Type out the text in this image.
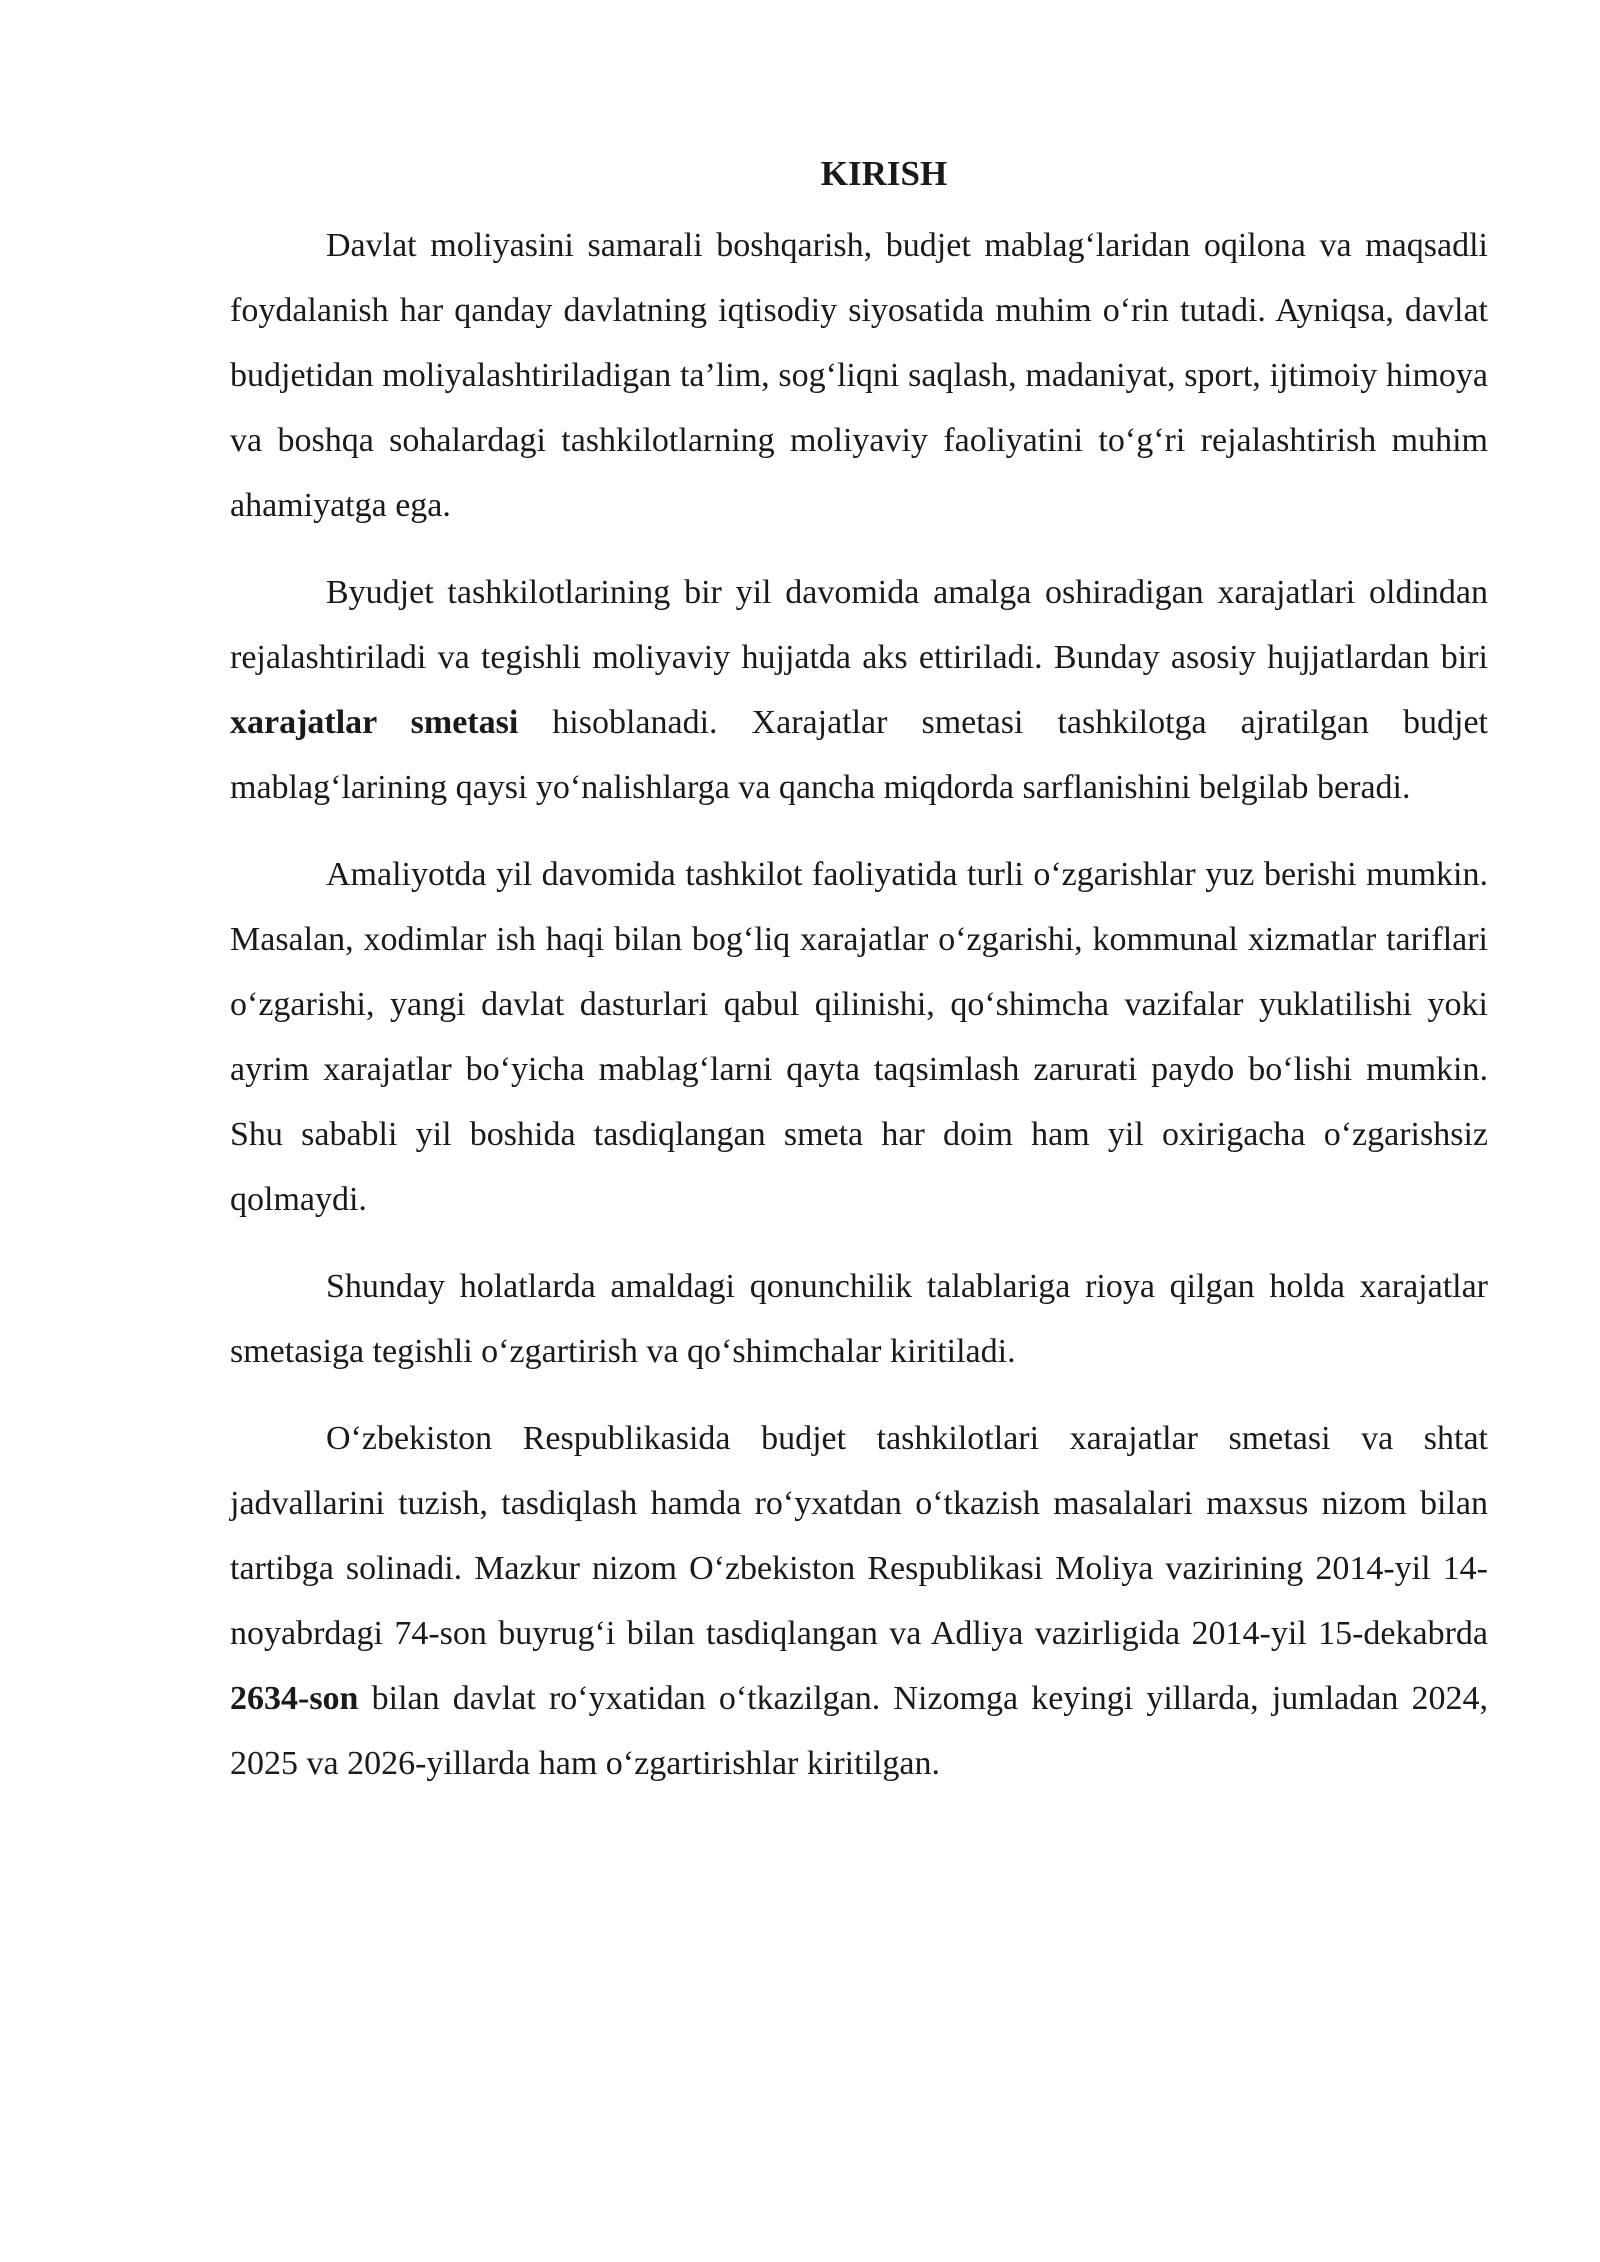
KIRISH

Davlat moliyasini samarali boshqarish, budjet mablag‘laridan oqilona va maqsadli foydalanish har qanday davlatning iqtisodiy siyosatida muhim o‘rin tutadi. Ayniqsa, davlat budjetidan moliyalashtiriladigan ta’lim, sog‘liqni saqlash, madaniyat, sport, ijtimoiy himoya va boshqa sohalardagi tashkilotlarning moliyaviy faoliyatini to‘g‘ri rejalashtirish muhim ahamiyatga ega.

Byudjet tashkilotlarining bir yil davomida amalga oshiradigan xarajatlari oldindan rejalashtiriladi va tegishli moliyaviy hujjatda aks ettiriladi. Bunday asosiy hujjatlardan biri xarajatlar smetasi hisoblanadi. Xarajatlar smetasi tashkilotga ajratilgan budjet mablag‘larining qaysi yo‘nalishlarga va qancha miqdorda sarflanishini belgilab beradi.

Amaliyotda yil davomida tashkilot faoliyatida turli o‘zgarishlar yuz berishi mumkin. Masalan, xodimlar ish haqi bilan bog‘liq xarajatlar o‘zgarishi, kommunal xizmatlar tariflari o‘zgarishi, yangi davlat dasturlari qabul qilinishi, qo‘shimcha vazifalar yuklatilishi yoki ayrim xarajatlar bo‘yicha mablag‘larni qayta taqsimlash zarurati paydo bo‘lishi mumkin. Shu sababli yil boshida tasdiqlangan smeta har doim ham yil oxirigacha o‘zgarishsiz qolmaydi.

Shunday holatlarda amaldagi qonunchilik talablariga rioya qilgan holda xarajatlar smetasiga tegishli o‘zgartirish va qo‘shimchalar kiritiladi.

O‘zbekiston Respublikasida budjet tashkilotlari xarajatlar smetasi va shtat jadvallarini tuzish, tasdiqlash hamda ro‘yxatdan o‘tkazish masalalari maxsus nizom bilan tartibga solinadi. Mazkur nizom O‘zbekiston Respublikasi Moliya vazirining 2014-yil 14-noyabrdagi 74-son buyrug‘i bilan tasdiqlangan va Adliya vazirligida 2014-yil 15-dekabrda 2634-son bilan davlat ro‘yxatidan o‘tkazilgan. Nizomga keyingi yillarda, jumladan 2024, 2025 va 2026-yillarda ham o‘zgartirishlar kiritilgan.
